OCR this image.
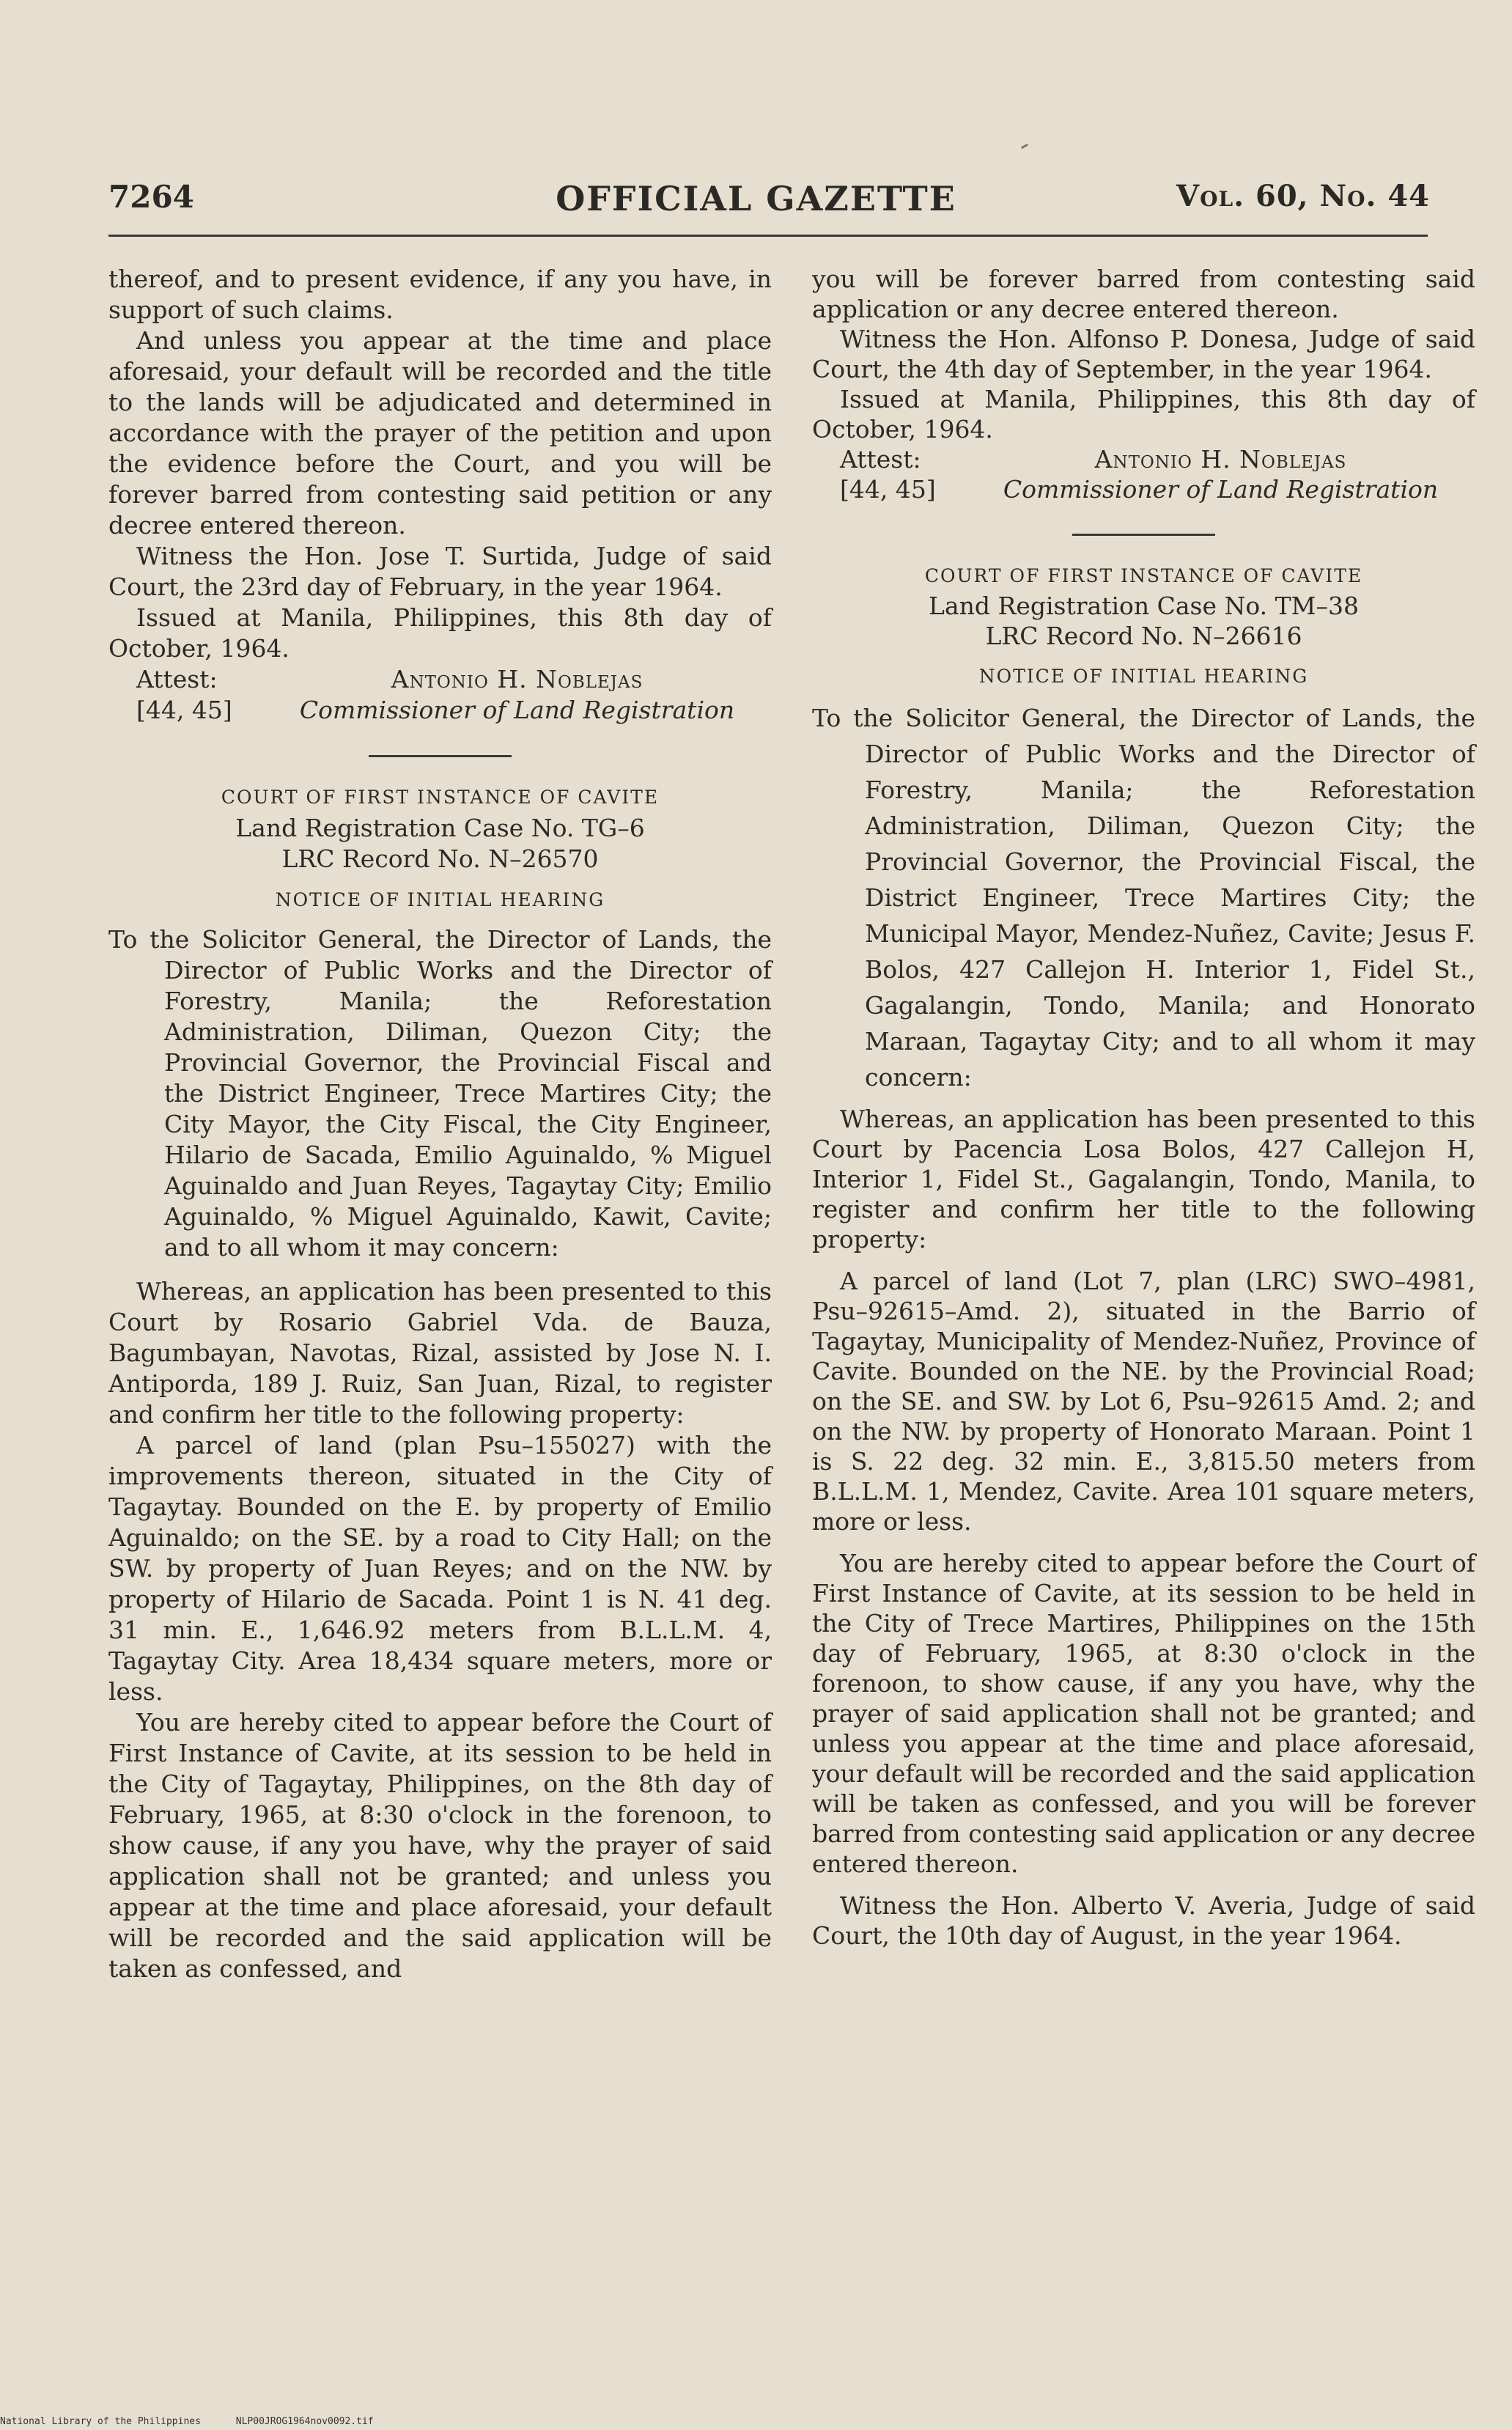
7264	OFFICIAL GAZETTE	Vol. 60, No. 44

thereof, and to present evidence, if any you have, in support of such claims.

And unless you appear at the time and place aforesaid, your default will be recorded and the title to the lands will be adjudicated and determined in accordance with the prayer of the petition and upon the evidence before the Court, and you will be forever barred from contesting said petition or any decree entered thereon.

Witness the Hon. Jose T. Surtida, Judge of said Court, the 23rd day of February, in the year 1964.

Issued at Manila, Philippines, this 8th day of October, 1964.

Attest:	Antonio H. Noblejas
[44, 45]	Commissioner of Land Registration

COURT OF FIRST INSTANCE OF CAVITE

Land Registration Case No. TG–6

LRC Record No. N–26570

NOTICE OF INITIAL HEARING

To the Solicitor General, the Director of Lands, the Director of Public Works and the Director of Forestry, Manila; the Reforestation Administration, Diliman, Quezon City; the Provincial Governor, the Provincial Fiscal and the District Engineer, Trece Martires City; the City Mayor, the City Fiscal, the City Engineer, Hilario de Sacada, Emilio Aguinaldo, % Miguel Aguinaldo and Juan Reyes, Tagaytay City; Emilio Aguinaldo, % Miguel Aguinaldo, Kawit, Cavite; and to all whom it may concern:

Whereas, an application has been presented to this Court by Rosario Gabriel Vda. de Bauza, Bagumbayan, Navotas, Rizal, assisted by Jose N. I. Antiporda, 189 J. Ruiz, San Juan, Rizal, to register and confirm her title to the following property:

A parcel of land (plan Psu–155027) with the improvements thereon, situated in the City of Tagaytay. Bounded on the E. by property of Emilio Aguinaldo; on the SE. by a road to City Hall; on the SW. by property of Juan Reyes; and on the NW. by property of Hilario de Sacada. Point 1 is N. 41 deg. 31 min. E., 1,646.92 meters from B.L.L.M. 4, Tagaytay City. Area 18,434 square meters, more or less.

You are hereby cited to appear before the Court of First Instance of Cavite, at its session to be held in the City of Tagaytay, Philippines, on the 8th day of February, 1965, at 8:30 o'clock in the forenoon, to show cause, if any you have, why the prayer of said application shall not be granted; and unless you appear at the time and place aforesaid, your default will be recorded and the said application will be taken as confessed, and

you will be forever barred from contesting said application or any decree entered thereon.

Witness the Hon. Alfonso P. Donesa, Judge of said Court, the 4th day of September, in the year 1964.

Issued at Manila, Philippines, this 8th day of October, 1964.

Attest:	Antonio H. Noblejas
[44, 45]	Commissioner of Land Registration

COURT OF FIRST INSTANCE OF CAVITE

Land Registration Case No. TM–38

LRC Record No. N–26616

NOTICE OF INITIAL HEARING

To the Solicitor General, the Director of Lands, the Director of Public Works and the Director of Forestry, Manila; the Reforestation Administration, Diliman, Quezon City; the Provincial Governor, the Provincial Fiscal, the District Engineer, Trece Martires City; the Municipal Mayor, Mendez-Nuñez, Cavite; Jesus F. Bolos, 427 Callejon H. Interior 1, Fidel St., Gagalangin, Tondo, Manila; and Honorato Maraan, Tagaytay City; and to all whom it may concern:

Whereas, an application has been presented to this Court by Pacencia Losa Bolos, 427 Callejon H, Interior 1, Fidel St., Gagalangin, Tondo, Manila, to register and confirm her title to the following property:

A parcel of land (Lot 7, plan (LRC) SWO–4981, Psu–92615–Amd. 2), situated in the Barrio of Tagaytay, Municipality of Mendez-Nuñez, Province of Cavite. Bounded on the NE. by the Provincial Road; on the SE. and SW. by Lot 6, Psu–92615 Amd. 2; and on the NW. by property of Honorato Maraan. Point 1 is S. 22 deg. 32 min. E., 3,815.50 meters from B.L.L.M. 1, Mendez, Cavite. Area 101 square meters, more or less.

You are hereby cited to appear before the Court of First Instance of Cavite, at its session to be held in the City of Trece Martires, Philippines on the 15th day of February, 1965, at 8:30 o'clock in the forenoon, to show cause, if any you have, why the prayer of said application shall not be granted; and unless you appear at the time and place aforesaid, your default will be recorded and the said application will be taken as confessed, and you will be forever barred from contesting said application or any decree entered thereon.

Witness the Hon. Alberto V. Averia, Judge of said Court, the 10th day of August, in the year 1964.

National Library of the Philippines	NLP00JROG1964nov0092.tif
